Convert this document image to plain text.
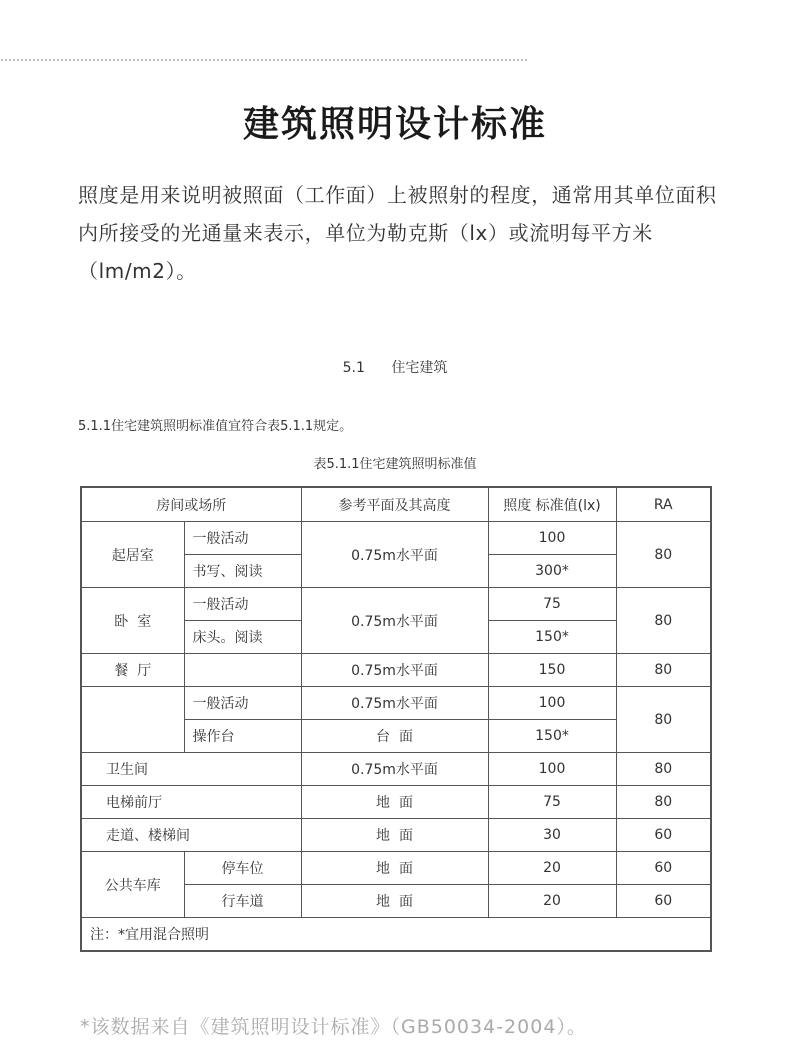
建筑照明设计标准
照度是用来说明被照面（工作面）上被照射的程度，通常用其单位面积内所接受的光通量来表示，单位为勒克斯（lx）或流明每平方米（lm/m2）。
5.1 住宅建筑
5.1.1住宅建筑照明标准值宜符合表5.1.1规定。
表5.1.1住宅建筑照明标准值
房间或场所		参考平面及其高度	照度 标准值(lx)	RA
起居室	一般活动	0.75m水平面	100	80
	书写、阅读		300*	
卧  室	一般活动	0.75m水平面	75	80
	床头。阅读		150*	
餐  厅		0.75m水平面	150	80
	一般活动	0.75m水平面	100	80
	操作台	台  面	150*	
卫生间		0.75m水平面	100	80
电梯前厅		地  面	75	80
走道、楼梯间		地  面	30	60
公共车库	停车位	地  面	20	60
	行车道	地  面	20	60
注：*宜用混合照明				
*该数据来自《建筑照明设计标准》（GB50034-2004）。
